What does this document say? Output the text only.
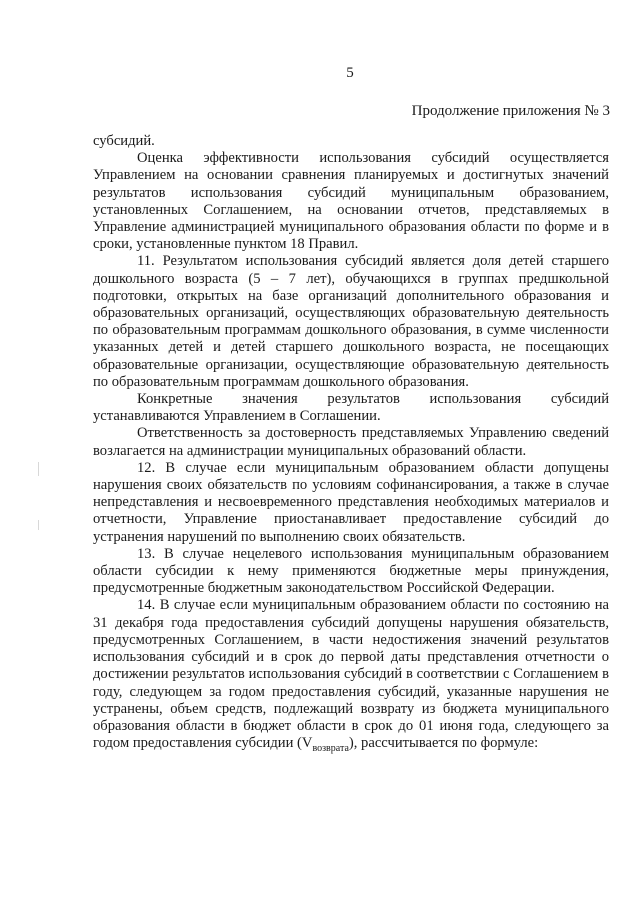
5
Продолжение приложения № 3

субсидий.

Оценка эффективности использования субсидий осуществляется Управлением на основании сравнения планируемых и достигнутых значений результатов использования субсидий муниципальным образованием, установленных Соглашением, на основании отчетов, представляемых в Управление администрацией муниципального образования области по форме и в сроки, установленные пунктом 18 Правил.

11. Результатом использования субсидий является доля детей старшего дошкольного возраста (5 – 7 лет), обучающихся в группах предшкольной подготовки, открытых на базе организаций дополнительного образования и образовательных организаций, осуществляющих образовательную деятельность по образовательным программам дошкольного образования, в сумме численности указанных детей и детей старшего дошкольного возраста, не посещающих образовательные организации, осуществляющие образовательную деятельность по образовательным программам дошкольного образования.

Конкретные значения результатов использования субсидий устанавливаются Управлением в Соглашении.

Ответственность за достоверность представляемых Управлению сведений возлагается на администрации муниципальных образований области.

12. В случае если муниципальным образованием области допущены нарушения своих обязательств по условиям софинансирования, а также в случае непредставления и несвоевременного представления необходимых материалов и отчетности, Управление приостанавливает предоставление субсидий до устранения нарушений по выполнению своих обязательств.

13. В случае нецелевого использования муниципальным образованием области субсидии к нему применяются бюджетные меры принуждения, предусмотренные бюджетным законодательством Российской Федерации.

14. В случае если муниципальным образованием области по состоянию на 31 декабря года предоставления субсидий допущены нарушения обязательств, предусмотренных Соглашением, в части недостижения значений результатов использования субсидий и в срок до первой даты представления отчетности о достижении результатов использования субсидий в соответствии с Соглашением в году, следующем за годом предоставления субсидий, указанные нарушения не устранены, объем средств, подлежащий возврату из бюджета муниципального образования области в бюджет области в срок до 01 июня года, следующего за годом предоставления субсидии $(V_{возврата})$, рассчитывается по формуле:
